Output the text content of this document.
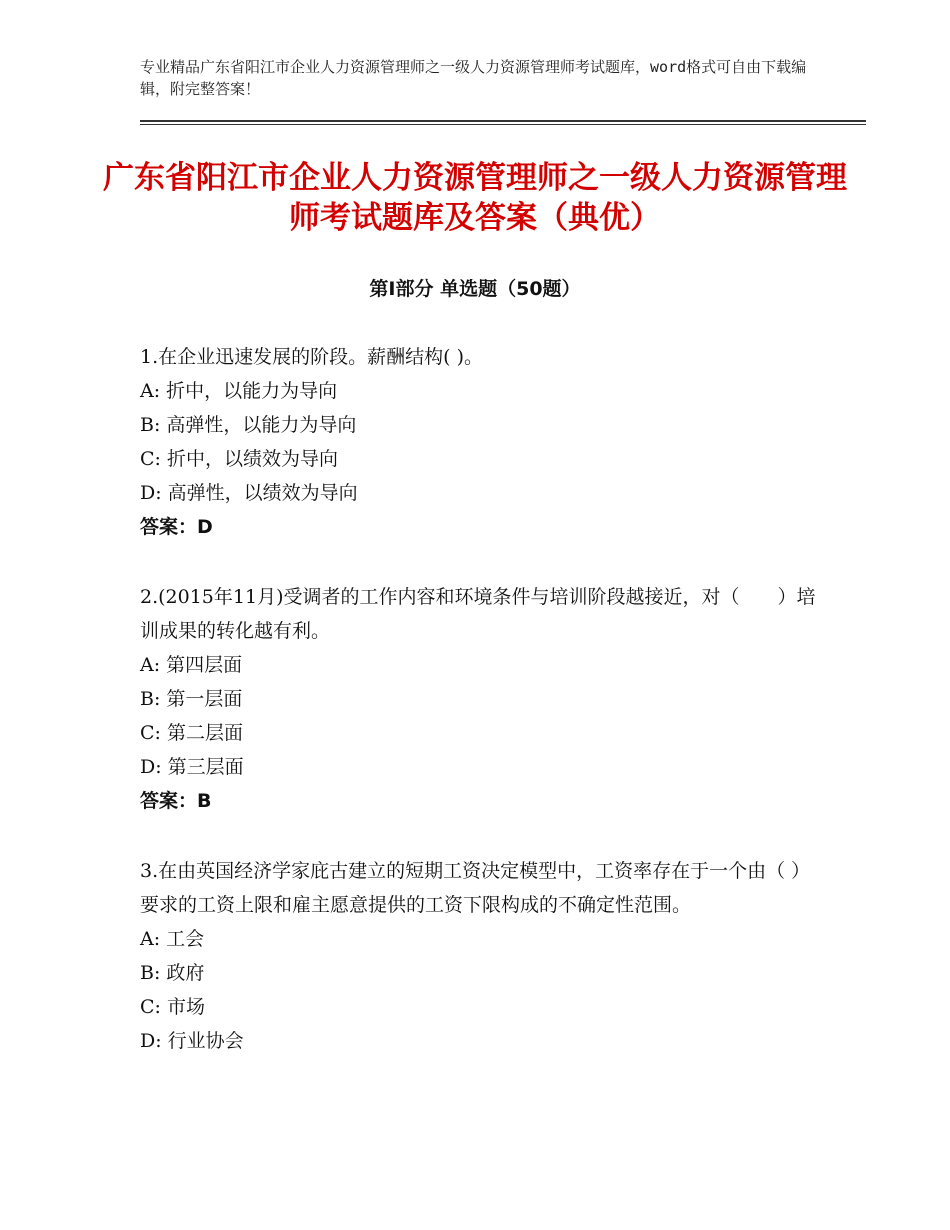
专业精品广东省阳江市企业人力资源管理师之一级人力资源管理师考试题库，word格式可自由下载编辑，附完整答案！
广东省阳江市企业人力资源管理师之一级人力资源管理师考试题库及答案（典优）
第Ⅰ部分 单选题（50题）

1.在企业迅速发展的阶段。薪酬结构( )。

A: 折中，以能力为导向

B: 高弹性，以能力为导向

C: 折中，以绩效为导向

D: 高弹性，以绩效为导向

答案：D

2.(2015年11月)受调者的工作内容和环境条件与培训阶段越接近，对（　　）培训成果的转化越有利。

A: 第四层面

B: 第一层面

C: 第二层面

D: 第三层面

答案：B

3.在由英国经济学家庇古建立的短期工资决定模型中，工资率存在于一个由（ ）要求的工资上限和雇主愿意提供的工资下限构成的不确定性范围。

A: 工会

B: 政府

C: 市场

D: 行业协会
